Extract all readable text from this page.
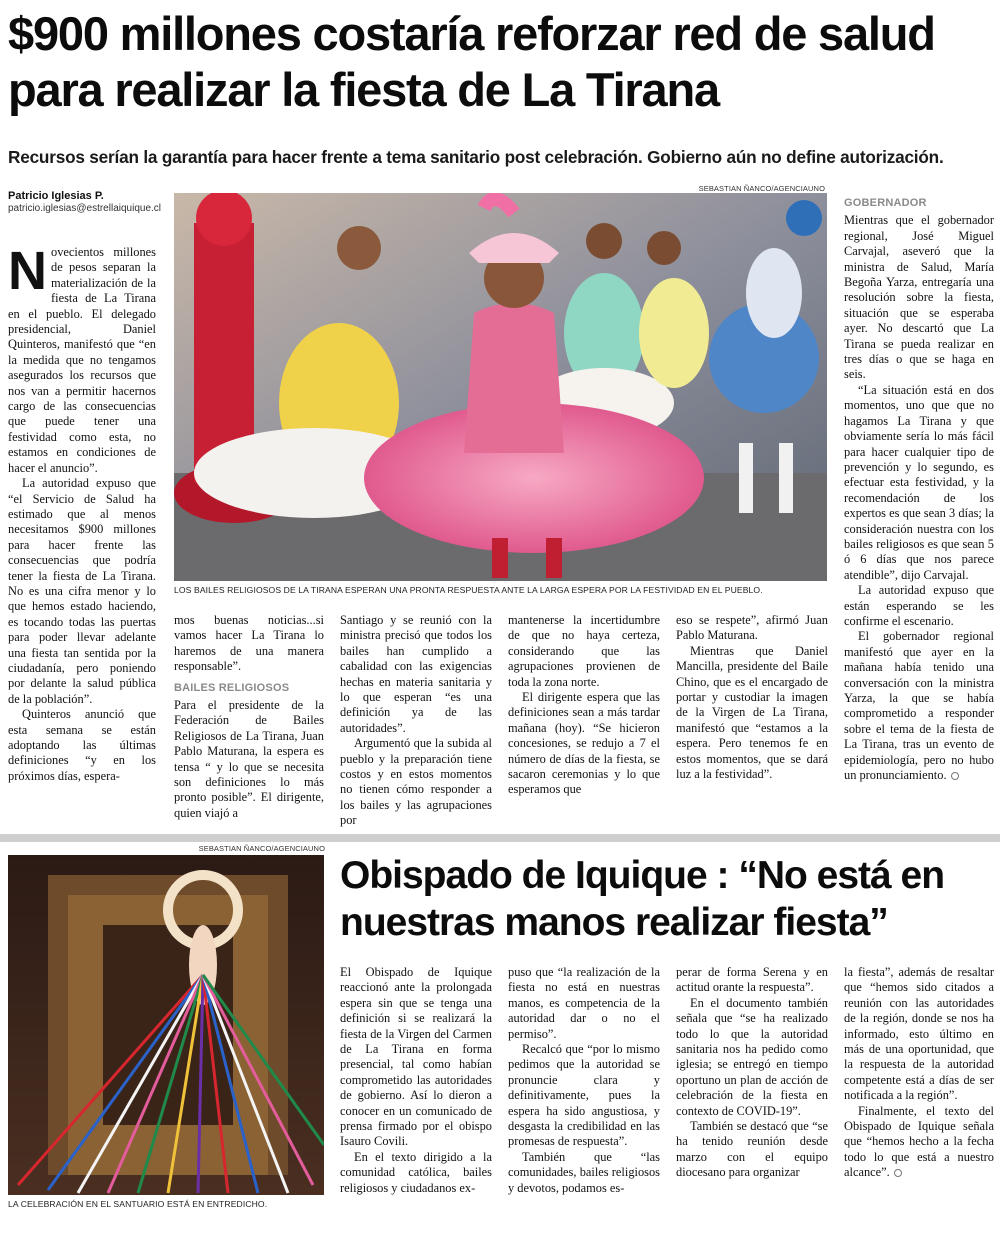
$900 millones costaría reforzar red de salud para realizar la fiesta de La Tirana
Recursos serían la garantía para hacer frente a tema sanitario post celebración. Gobierno aún no define autorización.
Patricio Iglesias P.
patricio.iglesias@estrellaiquique.cl
SEBASTIAN ÑANCO/AGENCIAUNO
LOS BAILES RELIGIOSOS DE LA TIRANA ESPERAN UNA PRONTA RESPUESTA ANTE LA LARGA ESPERA POR LA FESTIVIDAD EN EL PUEBLO.

Novecientos millones de pesos separan la materialización de la fiesta de La Tirana en el pueblo. El delegado presidencial, Daniel Quinteros, manifestó que “en la medida que no tengamos asegurados los recursos que nos van a permitir hacernos cargo de las consecuencias que puede tener una festividad como esta, no estamos en condiciones de hacer el anuncio”.

La autoridad expuso que “el Servicio de Salud ha estimado que al menos necesitamos $900 millones para hacer frente las consecuencias que podría tener la fiesta de La Tirana. No es una cifra menor y lo que hemos estado haciendo, es tocando todas las puertas para poder llevar adelante una fiesta tan sentida por la ciudadanía, pero poniendo por delante la salud pública de la población”.

Quinteros anunció que esta semana se están adoptando las últimas definiciones “y en los próximos días, espera-

mos buenas noticias...si vamos hacer La Tirana lo haremos de una manera responsable”.

BAILES RELIGIOSOS

Para el presidente de la Federación de Bailes Religiosos de La Tirana, Juan Pablo Maturana, la espera es tensa “ y lo que se necesita son definiciones lo más pronto posible”. El dirigente, quien viajó a

Santiago y se reunió con la ministra precisó que todos los bailes han cumplido a cabalidad con las exigencias hechas en materia sanitaria y lo que esperan “es una definición ya de las autoridades”.

Argumentó que la subida al pueblo y la preparación tiene costos y en estos momentos no tienen cómo responder a los bailes y las agrupaciones por

mantenerse la incertidumbre de que no haya certeza, considerando que las agrupaciones provienen de toda la zona norte.

El dirigente espera que las definiciones sean a más tardar mañana (hoy). “Se hicieron concesiones, se redujo a 7 el número de días de la fiesta, se sacaron ceremonias y lo que esperamos que

eso se respete”, afirmó Juan Pablo Maturana.

Mientras que Daniel Mancilla, presidente del Baile Chino, que es el encargado de portar y custodiar la imagen de la Virgen de La Tirana, manifestó que “estamos a la espera. Pero tenemos fe en estos momentos, que se dará luz a la festividad”.

GOBERNADOR

Mientras que el gobernador regional, José Miguel Carvajal, aseveró que la ministra de Salud, María Begoña Yarza, entregaría una resolución sobre la fiesta, situación que se esperaba ayer. No descartó que La Tirana se pueda realizar en tres días o que se haga en seis.

“La situación está en dos momentos, uno que que no hagamos La Tirana y que obviamente sería lo más fácil para hacer cualquier tipo de prevención y lo segundo, es efectuar esta festividad, y la recomendación de los expertos es que sean 3 días; la consideración nuestra con los bailes religiosos es que sean 5 ó 6 días que nos parece atendible”, dijo Carvajal.

La autoridad expuso que están esperando se les confirme el escenario.

El gobernador regional manifestó que ayer en la mañana había tenido una conversación con la ministra Yarza, la que se había comprometido a responder sobre el tema de la fiesta de La Tirana, tras un evento de epidemiología, pero no hubo un pronunciamiento.

SEBASTIAN ÑANCO/AGENCIAUNO
LA CELEBRACIÓN EN EL SANTUARIO ESTÁ EN ENTREDICHO.
Obispado de Iquique : “No está en nuestras manos realizar fiesta”

El Obispado de Iquique reaccionó ante la prolongada espera sin que se tenga una definición si se realizará la fiesta de la Virgen del Carmen de La Tirana en forma presencial, tal como habían comprometido las autoridades de gobierno. Así lo dieron a conocer en un comunicado de prensa firmado por el obispo Isauro Covili.

En el texto dirigido a la comunidad católica, bailes religiosos y ciudadanos ex-

puso que “la realización de la fiesta no está en nuestras manos, es competencia de la autoridad dar o no el permiso”.

Recalcó que “por lo mismo pedimos que la autoridad se pronuncie clara y definitivamente, pues la espera ha sido angustiosa, y desgasta la credibilidad en las promesas de respuesta”.

También que “las comunidades, bailes religiosos y devotos, podamos es-

perar de forma Serena y en actitud orante la respuesta”.

En el documento también señala que “se ha realizado todo lo que la autoridad sanitaria nos ha pedido como iglesia; se entregó en tiempo oportuno un plan de acción de celebración de la fiesta en contexto de COVID-19”.

También se destacó que “se ha tenido reunión desde marzo con el equipo diocesano para organizar

la fiesta”, además de resaltar que “hemos sido citados a reunión con las autoridades de la región, donde se nos ha informado, esto último en más de una oportunidad, que la respuesta de la autoridad competente está a días de ser notificada a la región”.

Finalmente, el texto del Obispado de Iquique señala que “hemos hecho a la fecha todo lo que está a nuestro alcance”.
